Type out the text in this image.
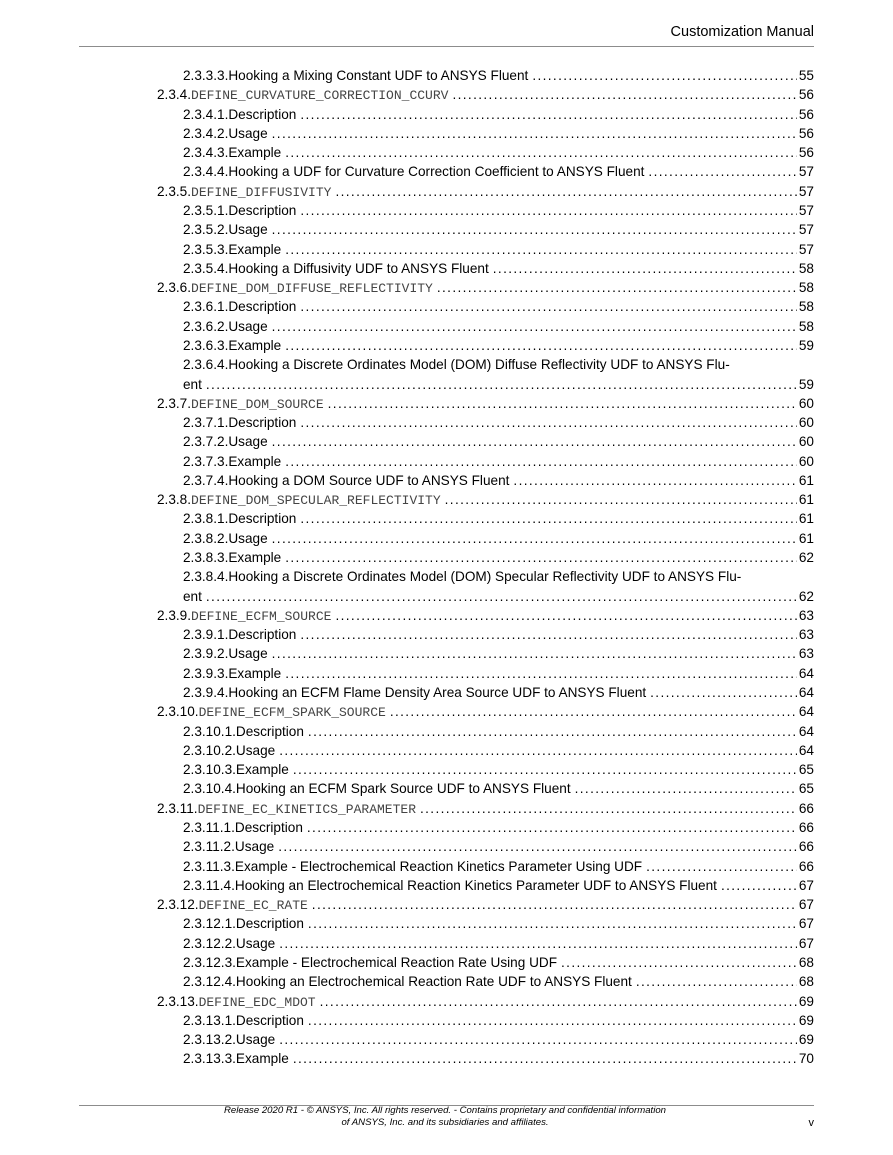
Customization Manual
2.3.3.3. Hooking a Mixing Constant UDF to ANSYS Fluent . . .	55
2.3.4. DEFINE_CURVATURE_CORRECTION_CCURV . . .	56
2.3.4.1. Description . . .	56
2.3.4.2. Usage . . .	56
2.3.4.3. Example . . .	56
2.3.4.4. Hooking a UDF for Curvature Correction Coefficient to ANSYS Fluent . . .	57
2.3.5. DEFINE_DIFFUSIVITY . . .	57
2.3.5.1. Description . . .	57
2.3.5.2. Usage . . .	57
2.3.5.3. Example . . .	57
2.3.5.4. Hooking a Diffusivity UDF to ANSYS Fluent . . .	58
2.3.6. DEFINE_DOM_DIFFUSE_REFLECTIVITY . . .	58
2.3.6.1. Description . . .	58
2.3.6.2. Usage . . .	58
2.3.6.3. Example . . .	59
2.3.6.4. Hooking a Discrete Ordinates Model (DOM) Diffuse Reflectivity UDF to ANSYS Flu-
ent . . .	59
2.3.7. DEFINE_DOM_SOURCE . . .	60
2.3.7.1. Description . . .	60
2.3.7.2. Usage . . .	60
2.3.7.3. Example . . .	60
2.3.7.4. Hooking a DOM Source UDF to ANSYS Fluent . . .	61
2.3.8. DEFINE_DOM_SPECULAR_REFLECTIVITY . . .	61
2.3.8.1. Description . . .	61
2.3.8.2. Usage . . .	61
2.3.8.3. Example . . .	62
2.3.8.4. Hooking a Discrete Ordinates Model (DOM) Specular Reflectivity UDF to ANSYS Flu-
ent . . .	62
2.3.9. DEFINE_ECFM_SOURCE . . .	63
2.3.9.1. Description . . .	63
2.3.9.2. Usage . . .	63
2.3.9.3. Example . . .	64
2.3.9.4. Hooking an ECFM Flame Density Area Source UDF to ANSYS Fluent . . .	64
2.3.10. DEFINE_ECFM_SPARK_SOURCE . . .	64
2.3.10.1. Description . . .	64
2.3.10.2. Usage . . .	64
2.3.10.3. Example . . .	65
2.3.10.4. Hooking an ECFM Spark Source UDF to ANSYS Fluent . . .	65
2.3.11. DEFINE_EC_KINETICS_PARAMETER . . .	66
2.3.11.1. Description . . .	66
2.3.11.2. Usage . . .	66
2.3.11.3. Example - Electrochemical Reaction Kinetics Parameter Using UDF . . .	66
2.3.11.4. Hooking an Electrochemical Reaction Kinetics Parameter UDF to ANSYS Fluent . . .	67
2.3.12. DEFINE_EC_RATE . . .	67
2.3.12.1. Description . . .	67
2.3.12.2. Usage . . .	67
2.3.12.3. Example - Electrochemical Reaction Rate Using UDF . . .	68
2.3.12.4. Hooking an Electrochemical Reaction Rate UDF to ANSYS Fluent . . .	68
2.3.13. DEFINE_EDC_MDOT . . .	69
2.3.13.1. Description . . .	69
2.3.13.2. Usage . . .	69
2.3.13.3. Example . . .	70
Release 2020 R1 - © ANSYS, Inc. All rights reserved. - Contains proprietary and confidential information
of ANSYS, Inc. and its subsidiaries and affiliates.	v
